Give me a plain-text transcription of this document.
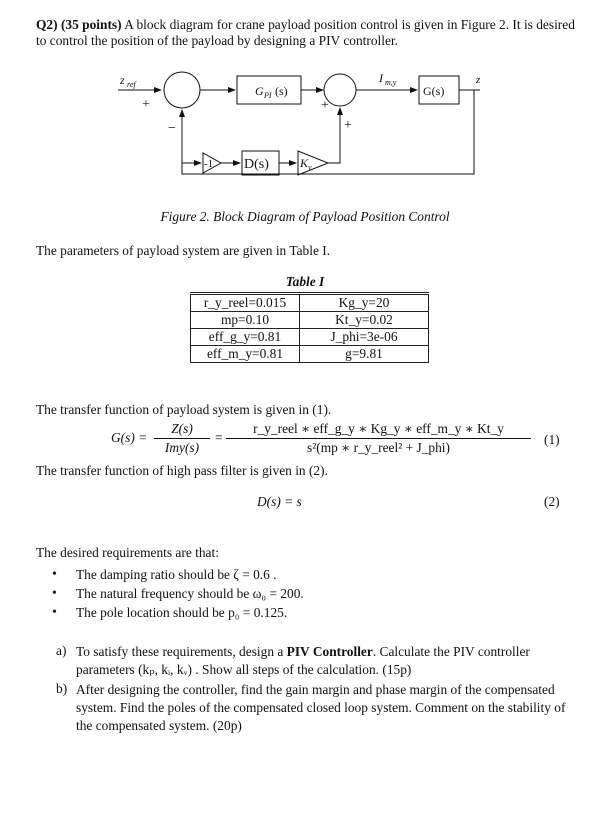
Q2) (35 points) A block diagram for crane payload position control is given in Figure 2. It is desired to control the position of the payload by designing a PIV controller.
z ref
+
−
G PI (s)
I m,y
+
+
G(s)
z
-1 D(s)	K v
Figure 2. Block Diagram of Payload Position Control
The parameters of payload system are given in Table I.
Table I
r_y_reel=0.015	Kg_y=20
mp=0.10	Kt_y=0.02
eff_g_y=0.81	J_phi=3e-06
eff_m_y=0.81	g=9.81
The transfer function of payload system is given in (1).
G(s) =
Z(s)
Imy(s)
=
r_y_reel ∗ eff_g_y ∗ Kg_y ∗ eff_m_y ∗ Kt_y
s²(mp ∗ r_y_reel² + J_phi)
(1)
The transfer function of high pass filter is given in (2).
D(s) = s	(2)
The desired requirements are that:
• The damping ratio should be ζ = 0.6 .
• The natural frequency should be ω₀ = 200.
• The pole location should be p₀ = 0.125.
a) To satisfy these requirements, design a PIV Controller. Calculate the PIV controller parameters (kₚ, kᵢ, kᵥ) . Show all steps of the calculation. (15p)
b) After designing the controller, find the gain margin and phase margin of the compensated system. Find the poles of the compensated closed loop system. Comment on the stability of the compensated system. (20p)
